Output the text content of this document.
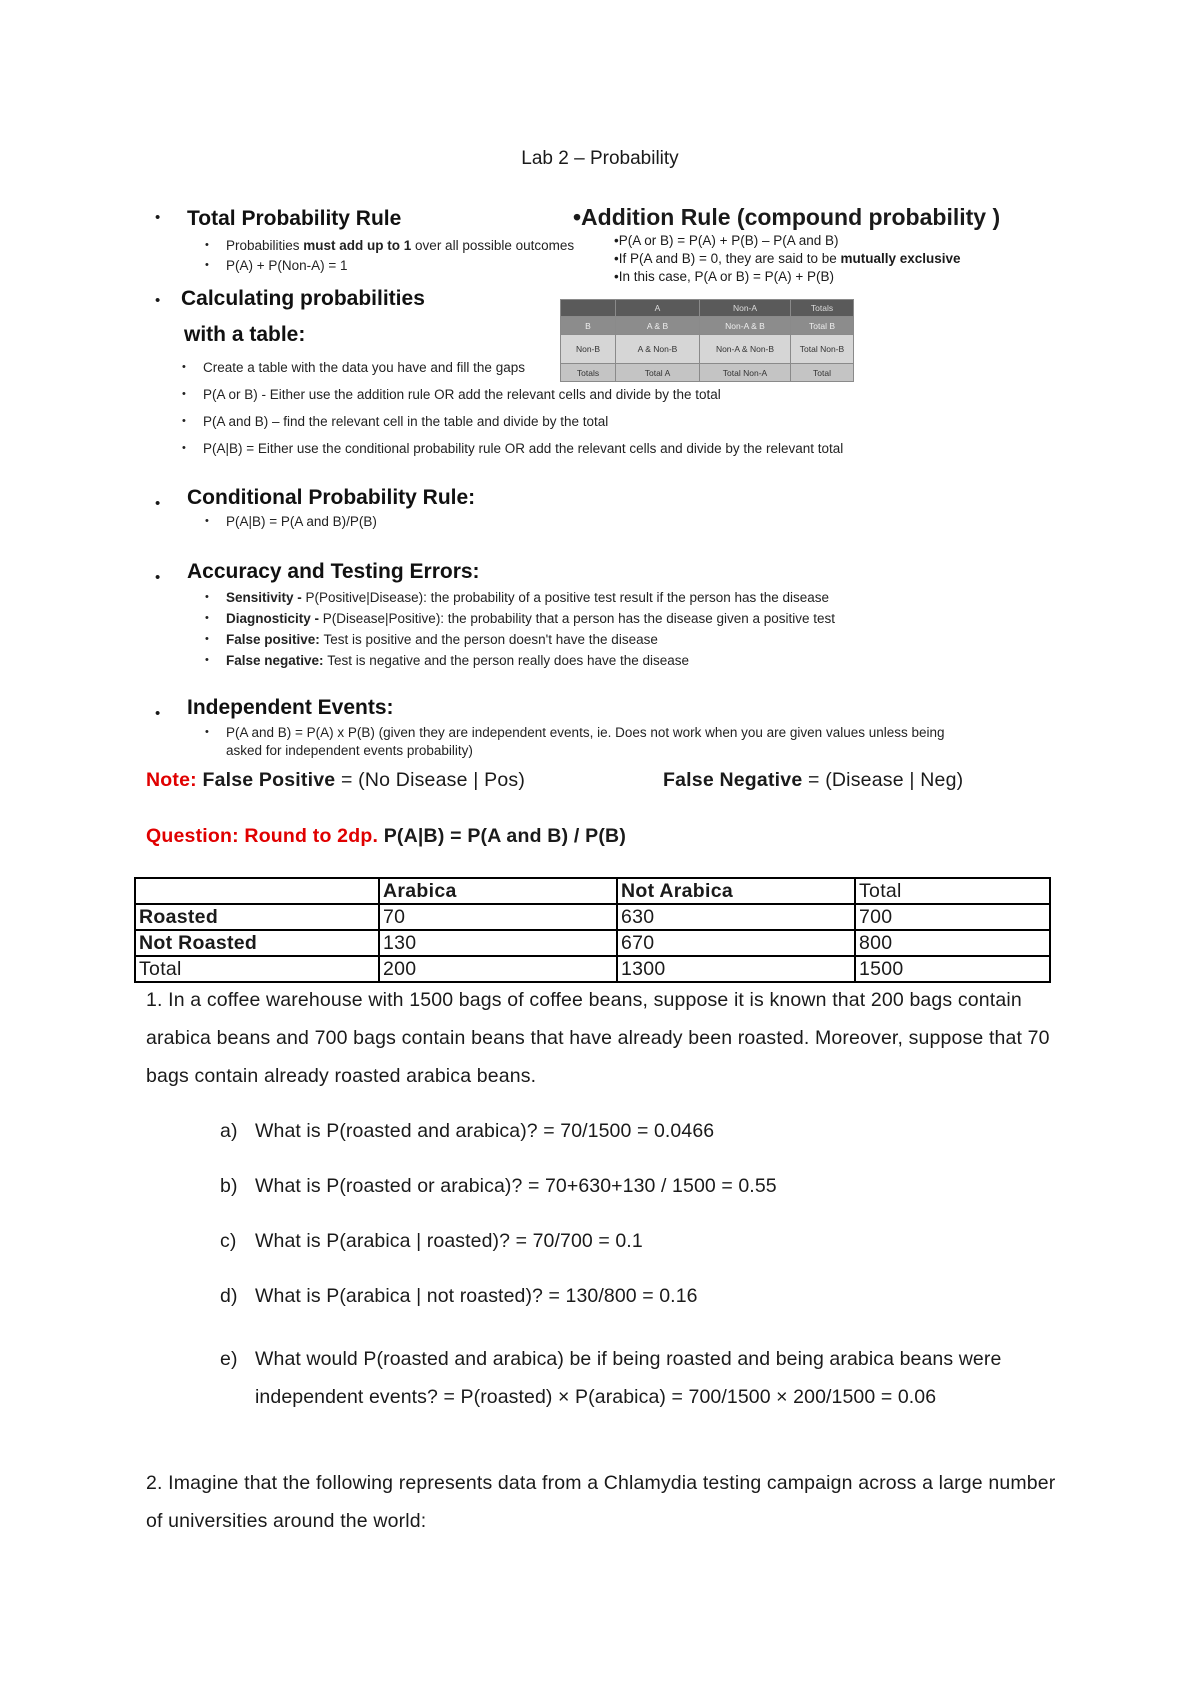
Lab 2 – Probability
• Total Probability Rule
• Probabilities must add up to 1 over all possible outcomes
• P(A) + P(Non-A) = 1
•Addition Rule (compound probability )
•P(A or B) = P(A) + P(B) – P(A and B)
•If P(A and B) = 0, they are said to be mutually exclusive
•In this case, P(A or B) = P(A) + P(B)
	A	Non-A	Totals
B	A & B	Non-A & B	Total B
Non-B	A & Non-B	Non-A & Non-B	Total Non-B
Totals	Total A	Total Non-A	Total
• Calculating probabilities
with a table:
• Create a table with the data you have and fill the gaps
• P(A or B) - Either use the addition rule OR add the relevant cells and divide by the total
• P(A and B) – find the relevant cell in the table and divide by the total
• P(A|B) = Either use the conditional probability rule OR add the relevant cells and divide by the relevant total
• Conditional Probability Rule:
• P(A|B) = P(A and B)/P(B)
• Accuracy and Testing Errors:
• Sensitivity - P(Positive|Disease): the probability of a positive test result if the person has the disease
• Diagnosticity - P(Disease|Positive): the probability that a person has the disease given a positive test
• False positive: Test is positive and the person doesn't have the disease
• False negative: Test is negative and the person really does have the disease
• Independent Events:
• P(A and B) = P(A) x P(B) (given they are independent events, ie. Does not work when you are given values unless being
asked for independent events probability)
Note: False Positive = (No Disease | Pos)	False Negative = (Disease | Neg)
Question: Round to 2dp. P(A|B) = P(A and B) / P(B)
	Arabica	Not Arabica	Total
Roasted	70	630	700
Not Roasted	130	670	800
Total	200	1300	1500
1. In a coffee warehouse with 1500 bags of coffee beans, suppose it is known that 200 bags contain arabica beans and 700 bags contain beans that have already been roasted. Moreover, suppose that 70 bags contain already roasted arabica beans.
a) What is P(roasted and arabica)? = 70/1500 = 0.0466
b) What is P(roasted or arabica)? = 70+630+130 / 1500 = 0.55
c) What is P(arabica | roasted)? = 70/700 = 0.1
d) What is P(arabica | not roasted)? = 130/800 = 0.16
e) What would P(roasted and arabica) be if being roasted and being arabica beans were independent events? = P(roasted) × P(arabica) = 700/1500 × 200/1500 = 0.06
2. Imagine that the following represents data from a Chlamydia testing campaign across a large number of universities around the world:
